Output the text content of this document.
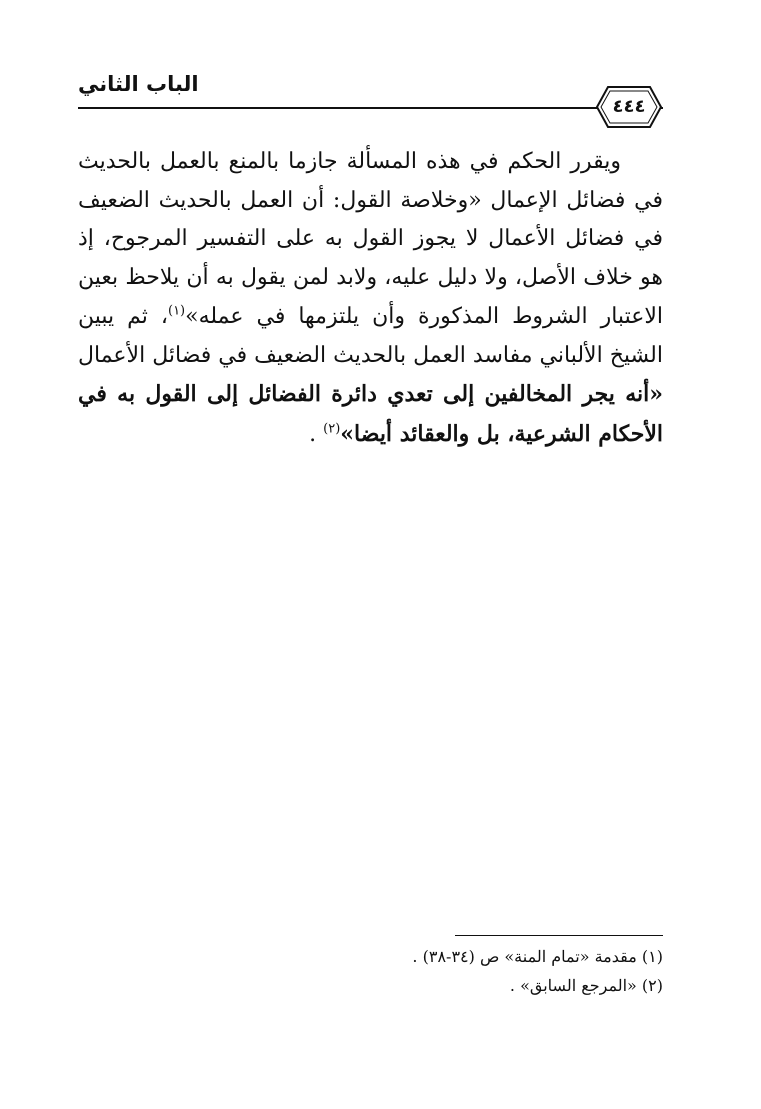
الباب الثاني
٤٤٤

ويقرر الحكم في هذه المسألة جازما بالمنع بالعمل بالحديث في فضائل الإعمال «وخلاصة القول: أن العمل بالحديث الضعيف في فضائل الأعمال لا يجوز القول به على التفسير المرجوح، إذ هو خلاف الأصل، ولا دليل عليه، ولابد لمن يقول به أن يلاحظ بعين الاعتبار الشروط المذكورة وأن يلتزمها في عمله»$^{(١)}$، ثم يبين الشيخ الألباني مفاسد العمل بالحديث الضعيف في فضائل الأعمال «أنه يجر المخالفين إلى تعدي دائرة الفضائل إلى القول به في الأحكام الشرعية، بل والعقائد أيضا»$^{(٢)}$ .

(١) مقدمة «تمام المنة» ص (٣٤-٣٨) .
(٢) «المرجع السابق» .
